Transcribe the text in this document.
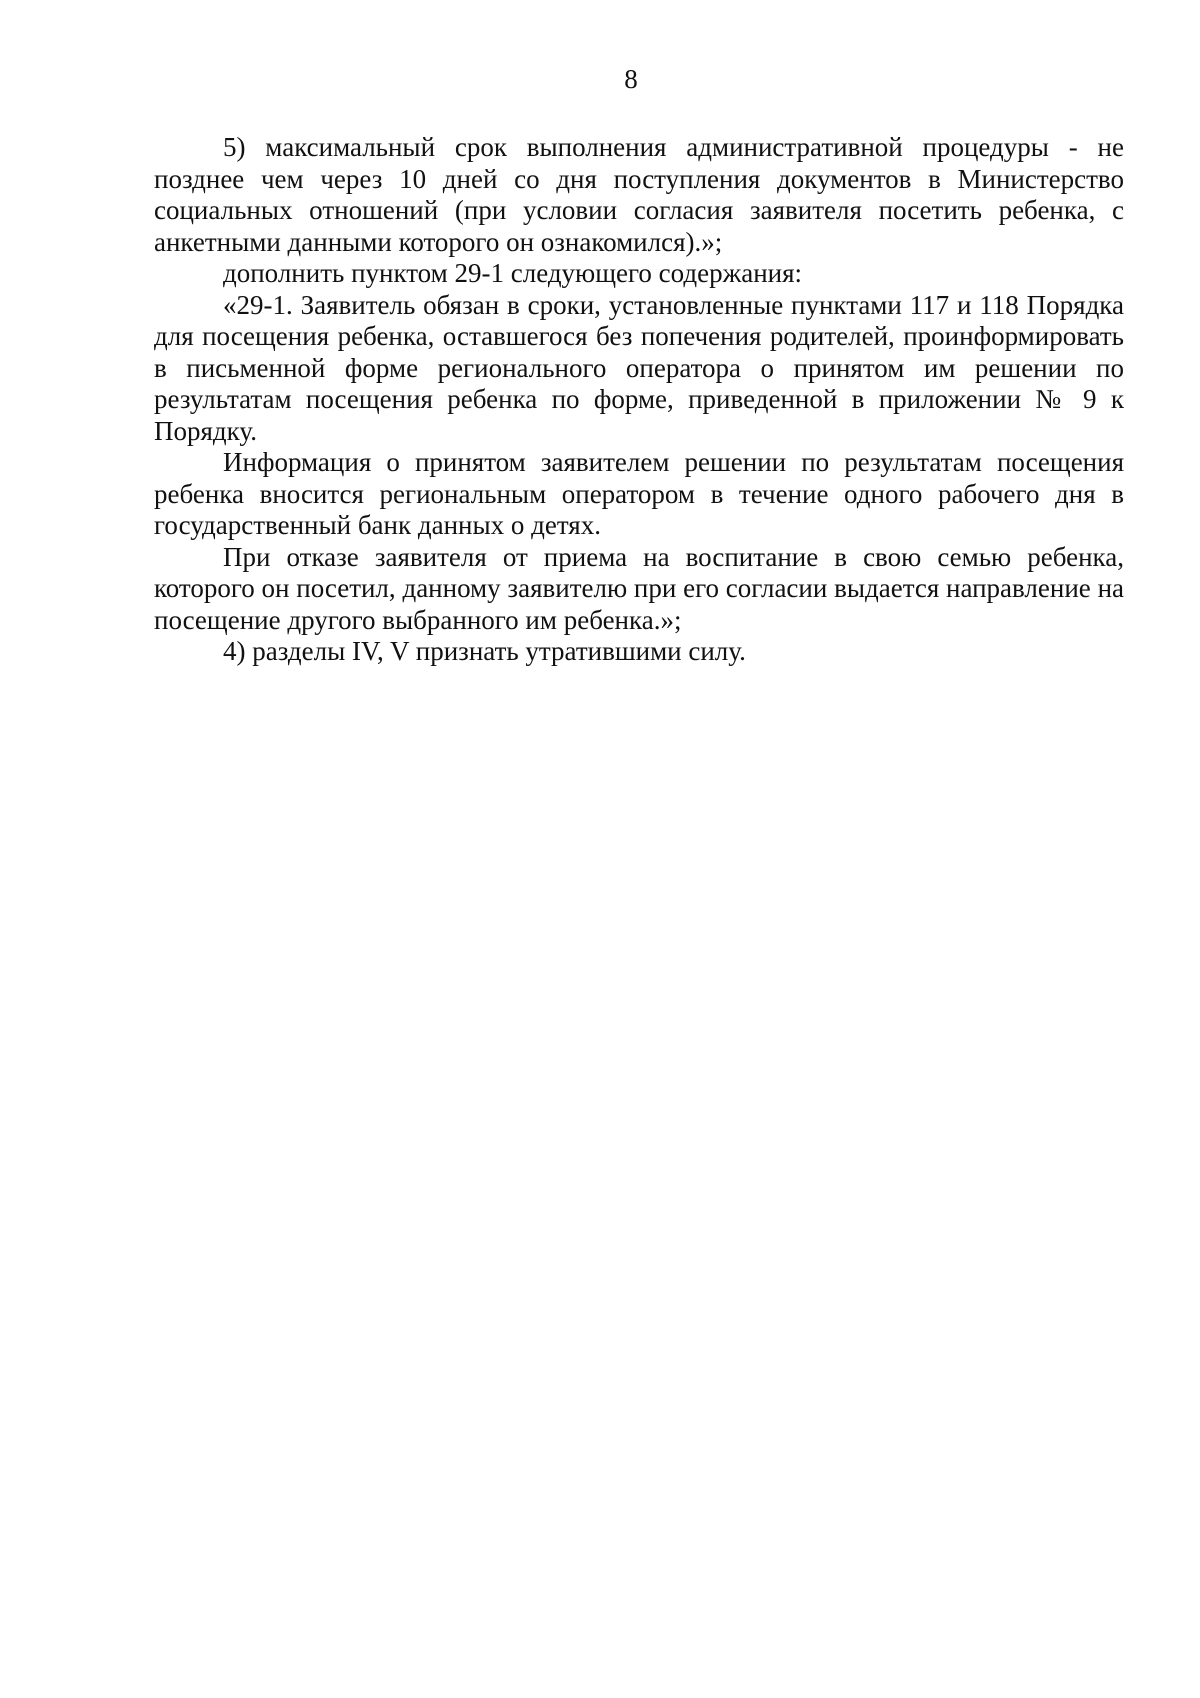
8

5) максимальный срок выполнения административной процедуры - не позднее чем через 10 дней со дня поступления документов в Министерство социальных отношений (при условии согласия заявителя посетить ребенка, с анкетными данными которого он ознакомился).»;

дополнить пунктом 29-1 следующего содержания:

«29-1. Заявитель обязан в сроки, установленные пунктами 117 и 118 Порядка для посещения ребенка, оставшегося без попечения родителей, проинформировать в письменной форме регионального оператора о принятом им решении по результатам посещения ребенка по форме, приведенной в приложении № 9 к Порядку.

Информация о принятом заявителем решении по результатам посещения ребенка вносится региональным оператором в течение одного рабочего дня в государственный банк данных о детях.

При отказе заявителя от приема на воспитание в свою семью ребенка, которого он посетил, данному заявителю при его согласии выдается направление на посещение другого выбранного им ребенка.»;

4) разделы IV, V признать утратившими силу.
